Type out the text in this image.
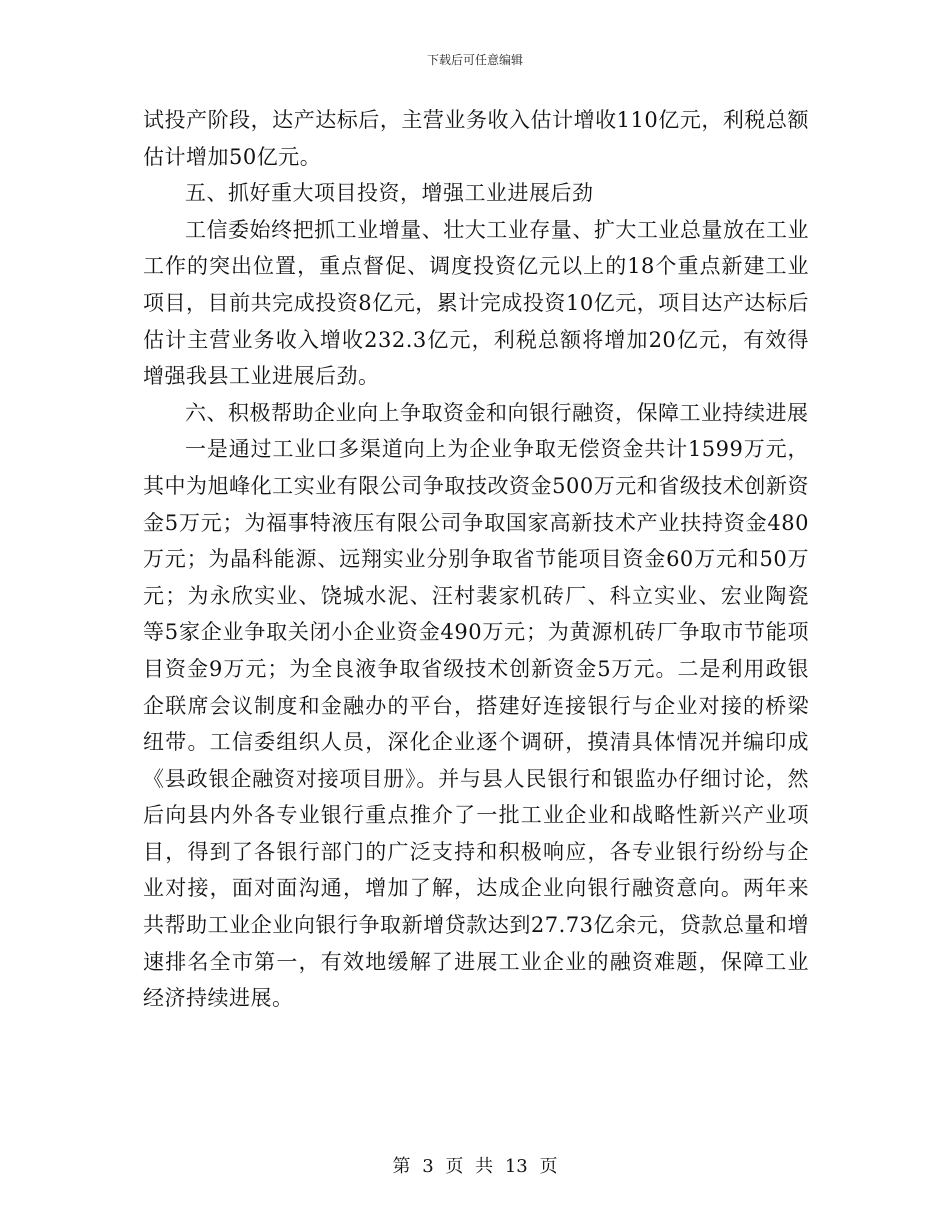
下载后可任意编辑

试投产阶段，达产达标后，主营业务收入估计增收110亿元，利税总额估计增加50亿元。

五、抓好重大项目投资，增强工业进展后劲

工信委始终把抓工业增量、壮大工业存量、扩大工业总量放在工业工作的突出位置，重点督促、调度投资亿元以上的18个重点新建工业项目，目前共完成投资8亿元，累计完成投资10亿元，项目达产达标后估计主营业务收入增收232.3亿元，利税总额将增加20亿元，有效得增强我县工业进展后劲。

六、积极帮助企业向上争取资金和向银行融资，保障工业持续进展

一是通过工业口多渠道向上为企业争取无偿资金共计1599万元，其中为旭峰化工实业有限公司争取技改资金500万元和省级技术创新资金5万元；为福事特液压有限公司争取国家高新技术产业扶持资金480万元；为晶科能源、远翔实业分别争取省节能项目资金60万元和50万元；为永欣实业、饶城水泥、汪村裴家机砖厂、科立实业、宏业陶瓷等5家企业争取关闭小企业资金490万元；为黄源机砖厂争取市节能项目资金9万元；为全良液争取省级技术创新资金5万元。二是利用政银企联席会议制度和金融办的平台，搭建好连接银行与企业对接的桥梁纽带。工信委组织人员，深化企业逐个调研，摸清具体情况并编印成《县政银企融资对接项目册》。并与县人民银行和银监办仔细讨论，然后向县内外各专业银行重点推介了一批工业企业和战略性新兴产业项目，得到了各银行部门的广泛支持和积极响应，各专业银行纷纷与企业对接，面对面沟通，增加了解，达成企业向银行融资意向。两年来共帮助工业企业向银行争取新增贷款达到27.73亿余元，贷款总量和增速排名全市第一，有效地缓解了进展工业企业的融资难题，保障工业经济持续进展。

第 3 页 共 13 页
